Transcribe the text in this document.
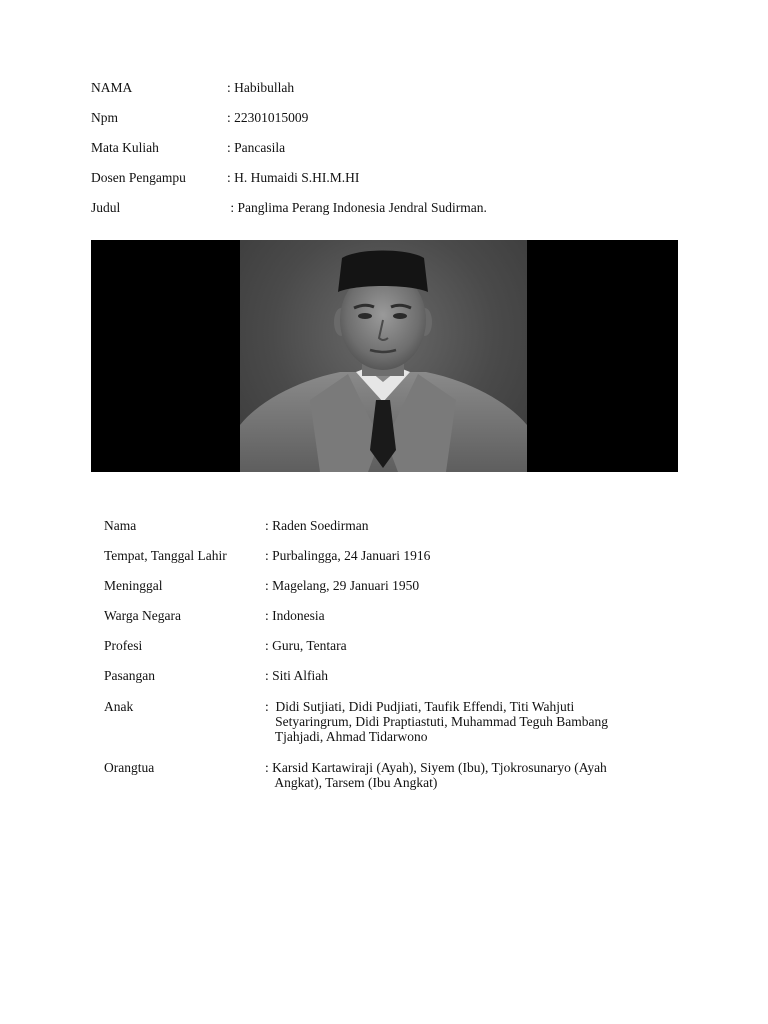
NAMA	: Habibullah
Npm	: 22301015009
Mata Kuliah	: Pancasila
Dosen Pengampu	: H. Humaidi S.HI.M.HI
Judul	: Panglima Perang Indonesia Jendral Sudirman.
Nama	: Raden Soedirman
Tempat, Tanggal Lahir	: Purbalingga, 24 Januari 1916
Meninggal	: Magelang, 29 Januari 1950
Warga Negara	: Indonesia
Profesi	: Guru, Tentara
Pasangan	: Siti Alfiah
Anak	:  Didi Sutjiati, Didi Pudjiati, Taufik Effendi, Titi Wahjuti
Setyaringrum, Didi Praptiastuti, Muhammad Teguh Bambang
Tjahjadi, Ahmad Tidarwono
Orangtua	: Karsid Kartawiraji (Ayah), Siyem (Ibu), Tjokrosunaryo (Ayah
Angkat), Tarsem (Ibu Angkat)
